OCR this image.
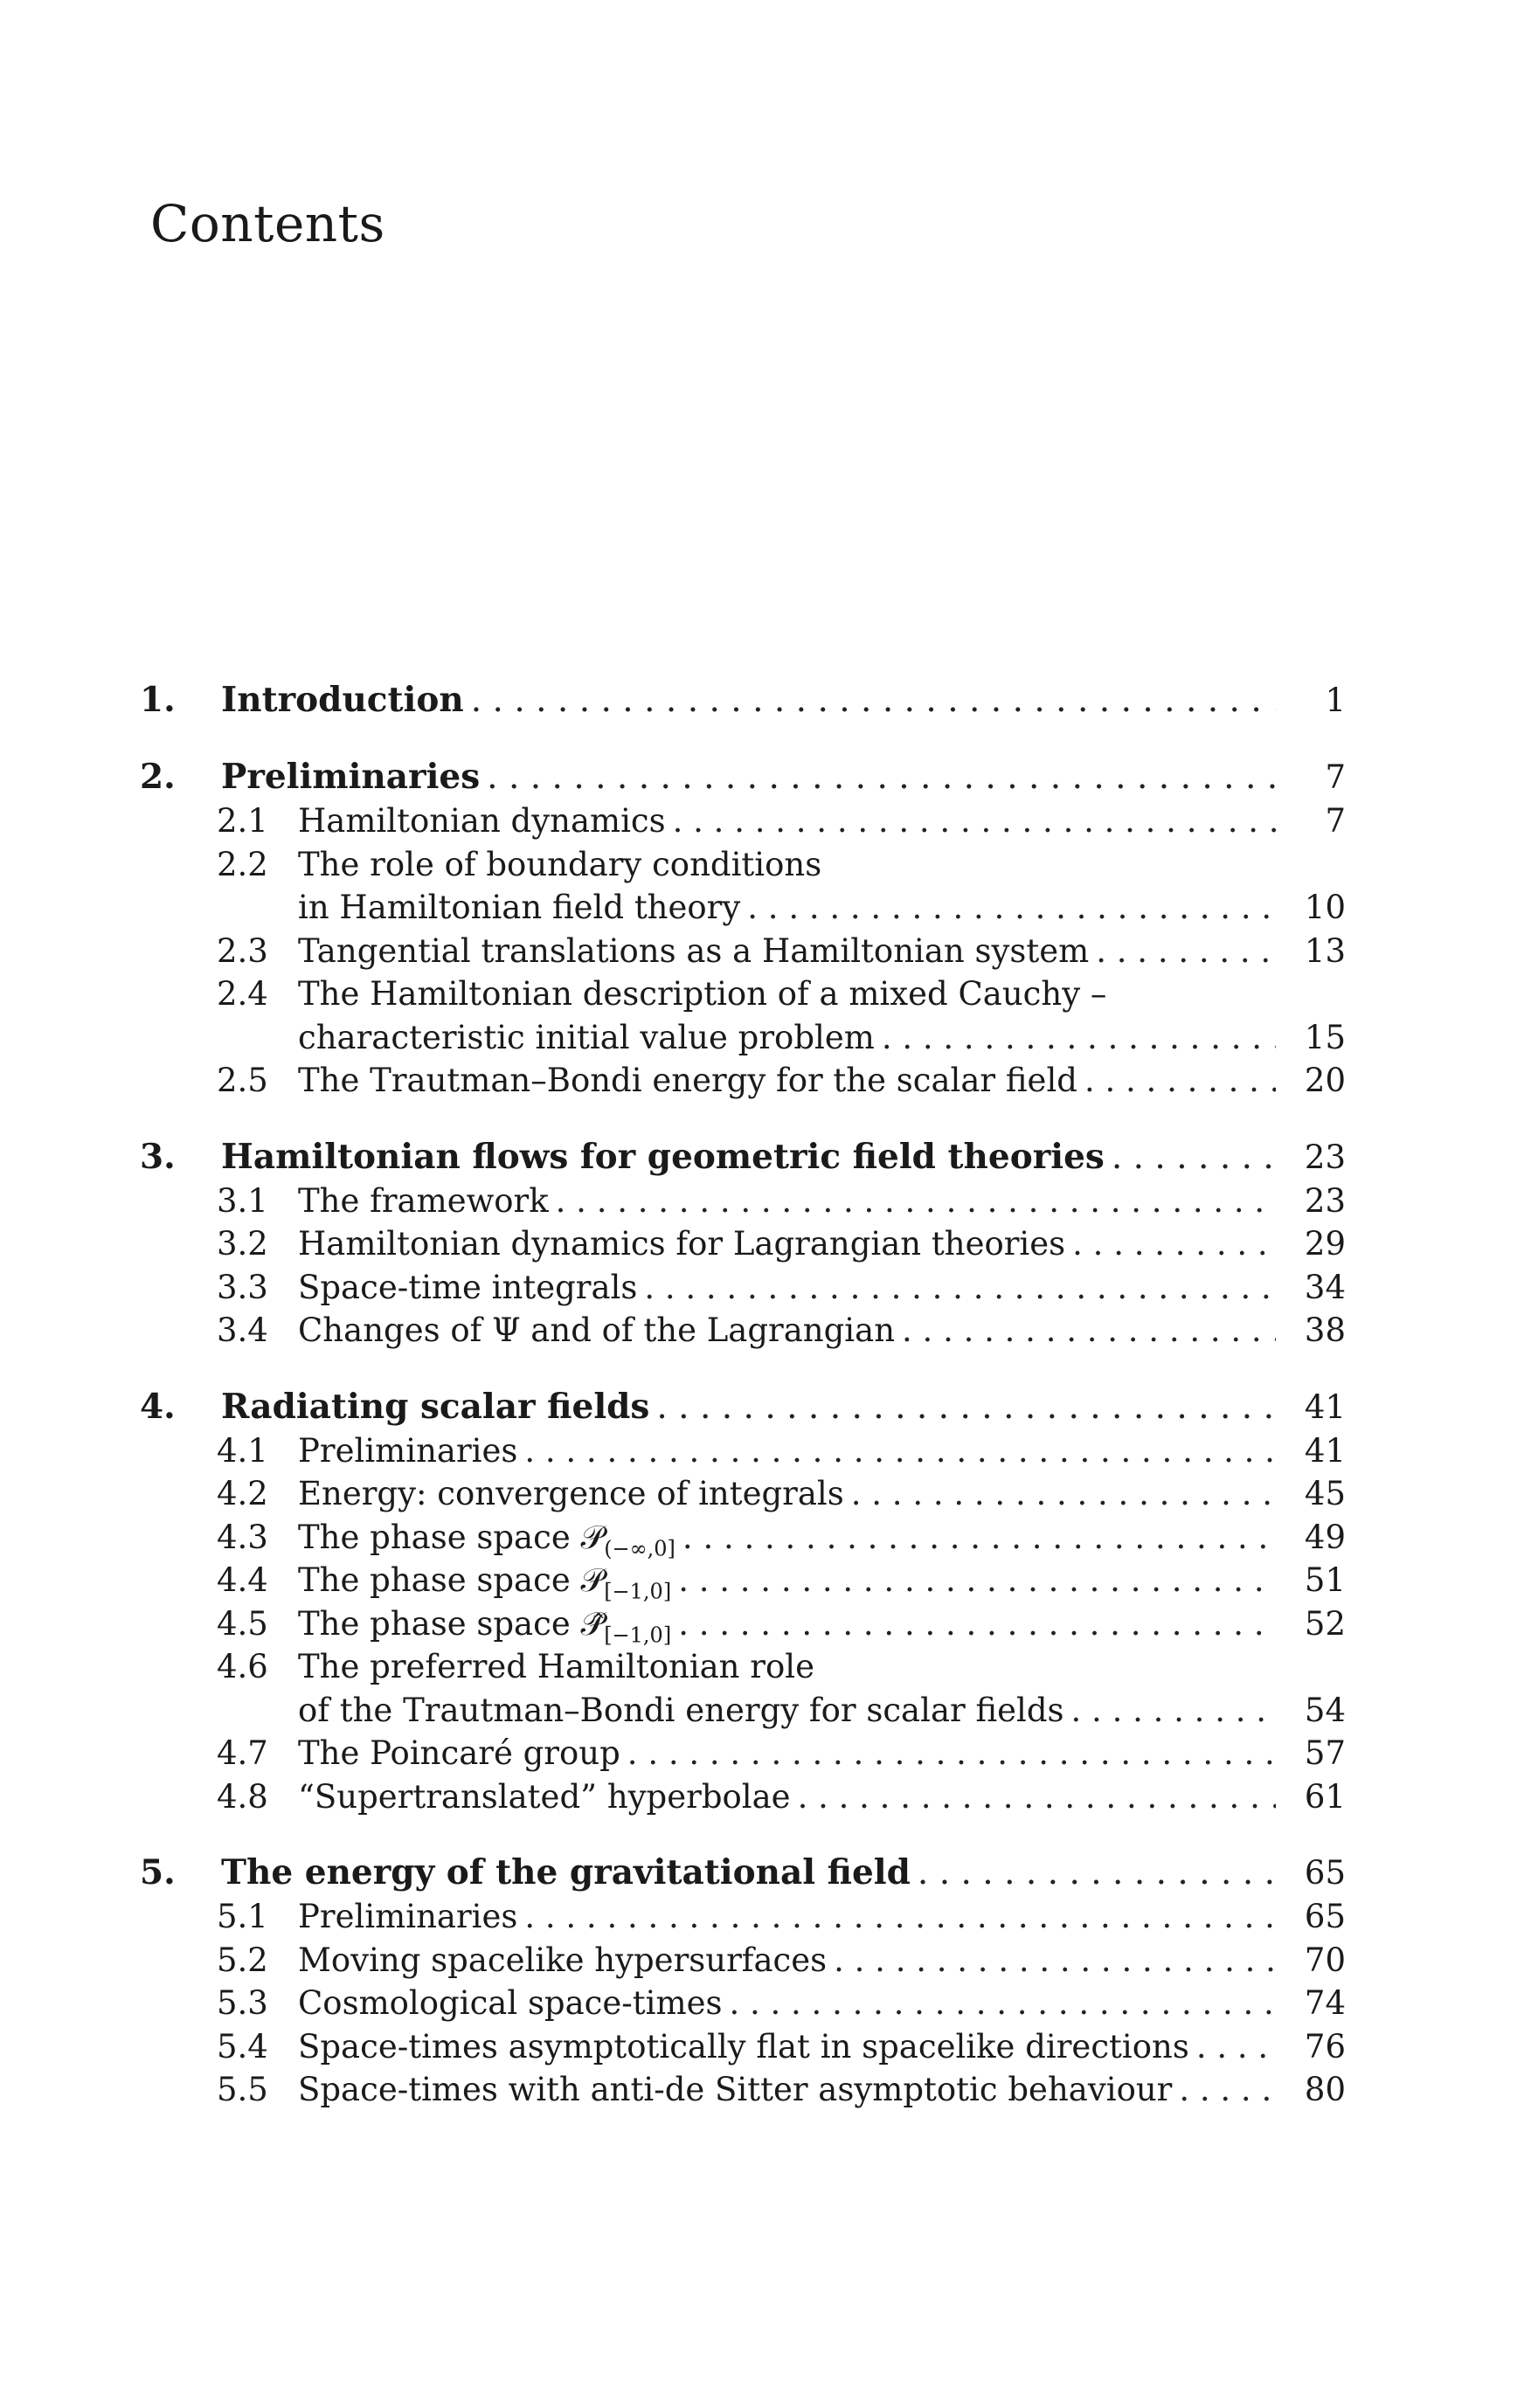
Contents
1.	Introduction . . .	1
2.	Preliminaries . . .	7
2.1 Hamiltonian dynamics . . .	7
2.2 The role of boundary conditions
in Hamiltonian field theory . . .	10
2.3 Tangential translations as a Hamiltonian system . . .	13
2.4 The Hamiltonian description of a mixed Cauchy –
characteristic initial value problem . . .	15
2.5 The Trautman–Bondi energy for the scalar field . . .	20
3.	Hamiltonian flows for geometric field theories . . .	23
3.1 The framework . . .	23
3.2 Hamiltonian dynamics for Lagrangian theories . . .	29
3.3 Space-time integrals . . .	34
3.4 Changes of Ψ and of the Lagrangian . . .	38
4.	Radiating scalar fields . . .	41
4.1 Preliminaries . . .	41
4.2 Energy: convergence of integrals . . .	45
4.3 The phase space 𝒫$_{(-\infty,0]}$ . . .	49
4.4 The phase space 𝒫$_{[-1,0]}$ . . .	51
4.5 The phase space $𝒫̂_{[-1,0]}$ . . .	52
4.6 The preferred Hamiltonian role
of the Trautman–Bondi energy for scalar fields . . .	54
4.7 The Poincaré group . . .	57
4.8 “Supertranslated” hyperbolae . . .	61
5.	The energy of the gravitational field . . .	65
5.1 Preliminaries . . .	65
5.2 Moving spacelike hypersurfaces . . .	70
5.3 Cosmological space-times . . .	74
5.4 Space-times asymptotically flat in spacelike directions . . .	76
5.5 Space-times with anti-de Sitter asymptotic behaviour . . .	80
